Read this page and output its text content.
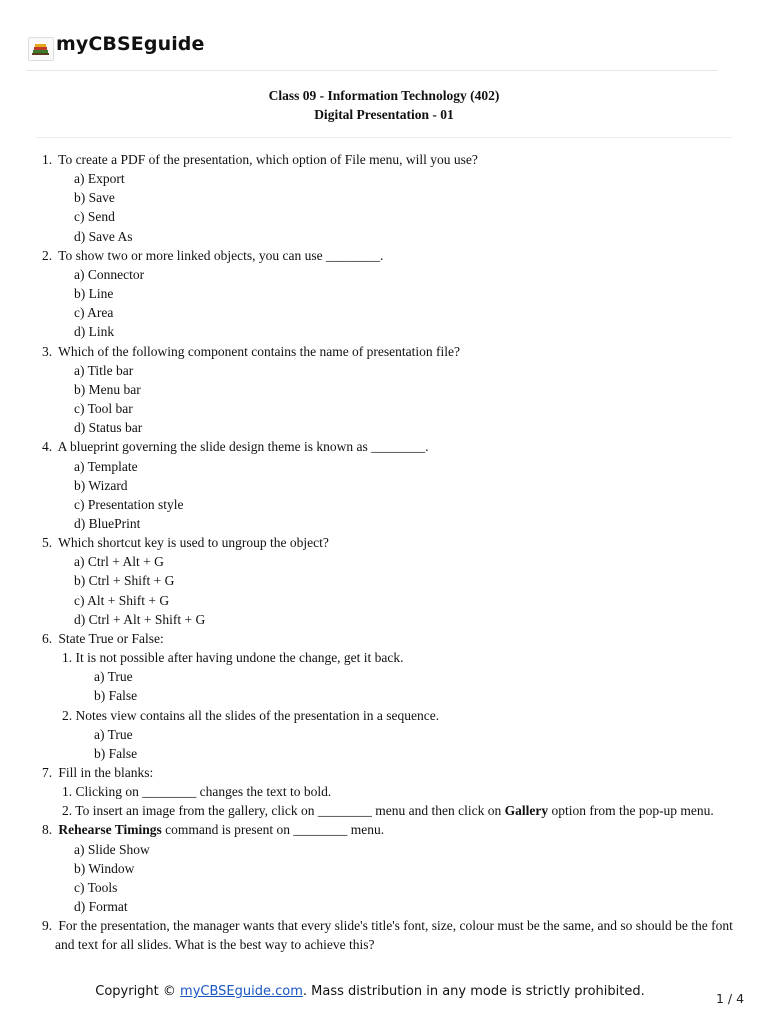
myCBSEguide
Class 09 - Information Technology (402)
Digital Presentation - 01
1. To create a PDF of the presentation, which option of File menu, will you use?
a) Export
b) Save
c) Send
d) Save As
2. To show two or more linked objects, you can use ________.
a) Connector
b) Line
c) Area
d) Link
3. Which of the following component contains the name of presentation file?
a) Title bar
b) Menu bar
c) Tool bar
d) Status bar
4. A blueprint governing the slide design theme is known as ________.
a) Template
b) Wizard
c) Presentation style
d) BluePrint
5. Which shortcut key is used to ungroup the object?
a) Ctrl + Alt + G
b) Ctrl + Shift + G
c) Alt + Shift + G
d) Ctrl + Alt + Shift + G
6. State True or False:
1. It is not possible after having undone the change, get it back.
a) True
b) False
2. Notes view contains all the slides of the presentation in a sequence.
a) True
b) False
7. Fill in the blanks:
1. Clicking on ________ changes the text to bold.
2. To insert an image from the gallery, click on ________ menu and then click on Gallery option from the pop-up menu.
8. Rehearse Timings command is present on ________ menu.
a) Slide Show
b) Window
c) Tools
d) Format
9. For the presentation, the manager wants that every slide's title's font, size, colour must be the same, and so should be the font
and text for all slides. What is the best way to achieve this?
Copyright © myCBSEguide.com. Mass distribution in any mode is strictly prohibited.	1 / 4
